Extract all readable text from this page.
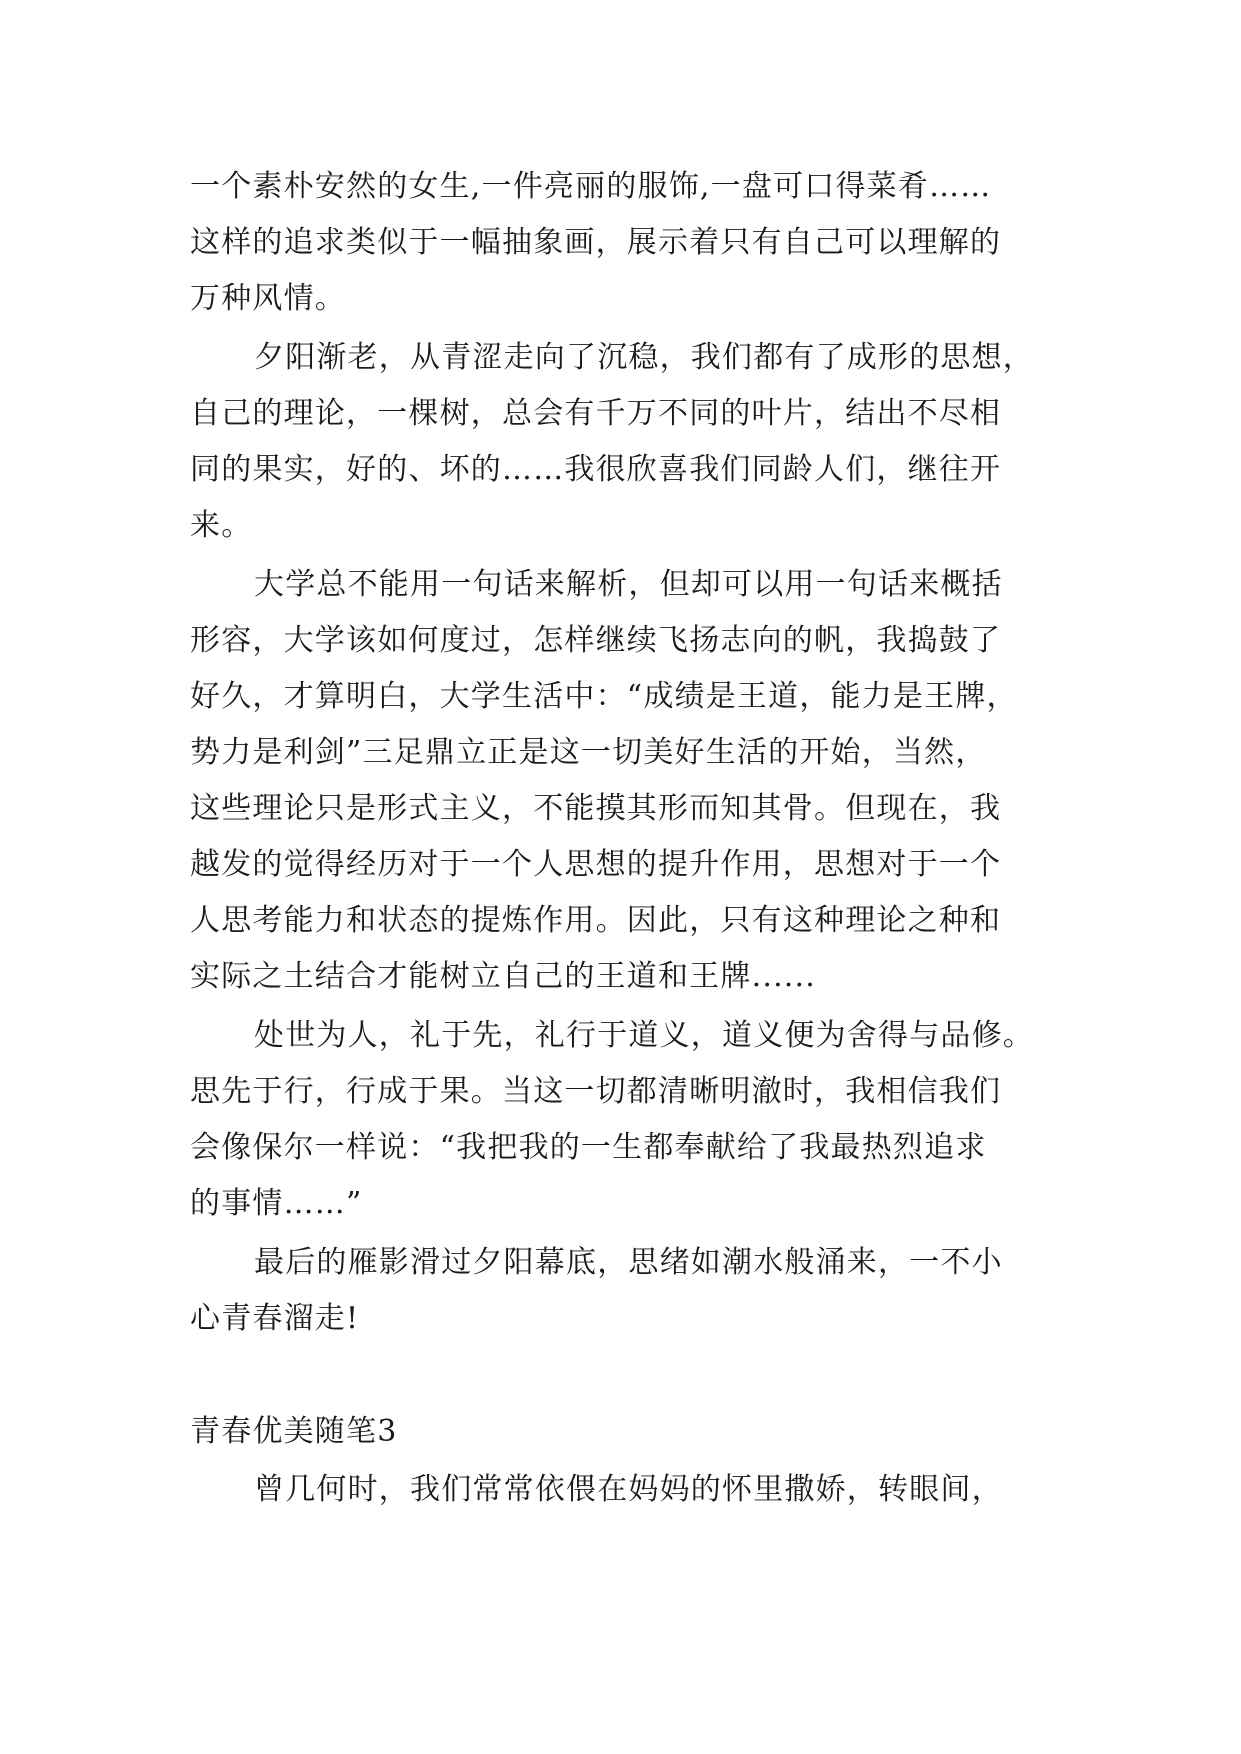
一个素朴安然的女生,一件亮丽的服饰,一盘可口得菜肴……

这样的追求类似于一幅抽象画，展示着只有自己可以理解的

万种风情。

夕阳渐老，从青涩走向了沉稳，我们都有了成形的思想，

自己的理论，一棵树，总会有千万不同的叶片，结出不尽相

同的果实，好的、坏的……我很欣喜我们同龄人们，继往开

来。

大学总不能用一句话来解析，但却可以用一句话来概括

形容，大学该如何度过，怎样继续飞扬志向的帆，我捣鼓了

好久，才算明白，大学生活中：“成绩是王道，能力是王牌，

势力是利剑”三足鼎立正是这一切美好生活的开始，当然，

这些理论只是形式主义，不能摸其形而知其骨。但现在，我

越发的觉得经历对于一个人思想的提升作用，思想对于一个

人思考能力和状态的提炼作用。因此，只有这种理论之种和

实际之土结合才能树立自己的王道和王牌......

处世为人，礼于先，礼行于道义，道义便为舍得与品修。

思先于行，行成于果。当这一切都清晰明澈时，我相信我们

会像保尔一样说：“我把我的一生都奉献给了我最热烈追求

的事情……”

最后的雁影滑过夕阳幕底，思绪如潮水般涌来，一不小

心青春溜走!

青春优美随笔3

曾几何时，我们常常依偎在妈妈的怀里撒娇，转眼间，
